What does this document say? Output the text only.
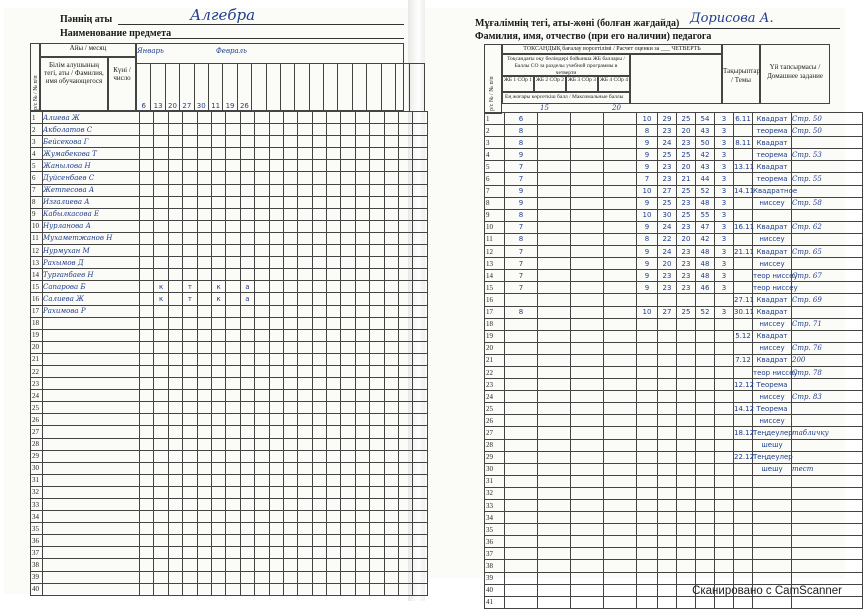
Пәннің аты	Алгебра
Наименование предмета
р/с № / № п/п
Айы / месяц
Білім алушының тегі, аты / Фамилия, имя обучающегося
Күні / число
Январь	Февраль
6	13	20	27	30	11	19	26												
1	Алиева Ж																				
2	Акболатов С																				
3	Бейсекова Г																				
4	Жумабекова Т																				
5	Жанылова Н																				
6	Дуйсенбаев С																				
7	Жетпесова А																				
8	Изгалиева А																				
9	Кабылкасова Е																				
10	Нурланова А																				
11	Мухаметжанов Н																				
12	Нурмухан М																				
13	Рахымов Д																				
14	Турганбаев Н																				
15	Сапарова Б		к		т		к		а												
16	Салиева Ж		к		т		к		а												
17	Рахимова Р																				
18																					
19																					
20																					
21																					
22																					
23																					
24																					
25																					
26																					
27																					
28																					
29																					
30																					
31																					
32																					
33																					
34																					
35																					
36																					
37																					
38																					
39																					
40																					
Мұғалімнің тегі, аты-жөні (болған жағдайда) Дорисова А.
Фамилия, имя, отчество (при его наличии) педагога
р/с № / № п/п
ТОКСАНДЫҚ бағалау ворсетілімі / Расчет оценки за ___ ЧЕТВЕРТЬ
Тоқсандағы оқу бөлімдері бойынша ЖБ баллары / Баллы СО за разделы учебной программы в четверти
ЖБ 1 СОр 1 ЖБ 2 СОр 2 ЖБ 3 СОр 3 ЖБ 4 СОр 4
Ең жоғары көрсеткіш балл / Максимальные баллы
Тақырыптар / Темы
Үй тапсырмасы / Домашнее задание
15	20
1	6				10	29	25	54	3	6.11	Квадрат	Стр. 50
2	8				8	23	20	43	3		теорема	Стр. 50
3	8				9	24	23	50	3	8.11	Квадрат	
4	9				9	25	25	42	3		теорема	Стр. 53
5	7				9	23	20	43	3	13.11	Квадрат	
6	7				7	23	21	44	3		теорема	Стр. 55
7	9				10	27	25	52	3	14.11	Квадратное	
8	9				9	25	23	48	3		ниссеу	Стр. 58
9	8				10	30	25	55	3			
10	7				9	24	23	47	3	16.11	Квадрат	Стр. 62
11	8				8	22	20	42	3		ниссеу	
12	7				9	24	23	48	3	21.11	Квадрат	Стр. 65
13	7				9	20	23	48	3		ниссеу	
14	7				9	23	23	48	3		теор ниссеу	Стр. 67
15	7				9	23	23	46	3		теор ниссеу	
16										27.11	Квадрат	Стр. 69
17	8				10	27	25	52	3	30.11	Квадрат	
18											ниссеу	Стр. 71
19										5.12	Квадрат	
20											ниссеу	Стр. 76
21										7.12	Квадрат	200
22											теор ниссеу	Стр. 78
23										12.12	Теорема	
24											ниссеу	Стр. 83
25										14.12	Теорема	
26											ниссеу	
27										18.12	Теңдеулер	табличку
28											шешу	
29										22.12	Теңдеулер	
30											шешу	тест
31												
32												
33												
34												
35												
36												
37												
38												
39												
40												
41												
Сканировано с CamScanner
